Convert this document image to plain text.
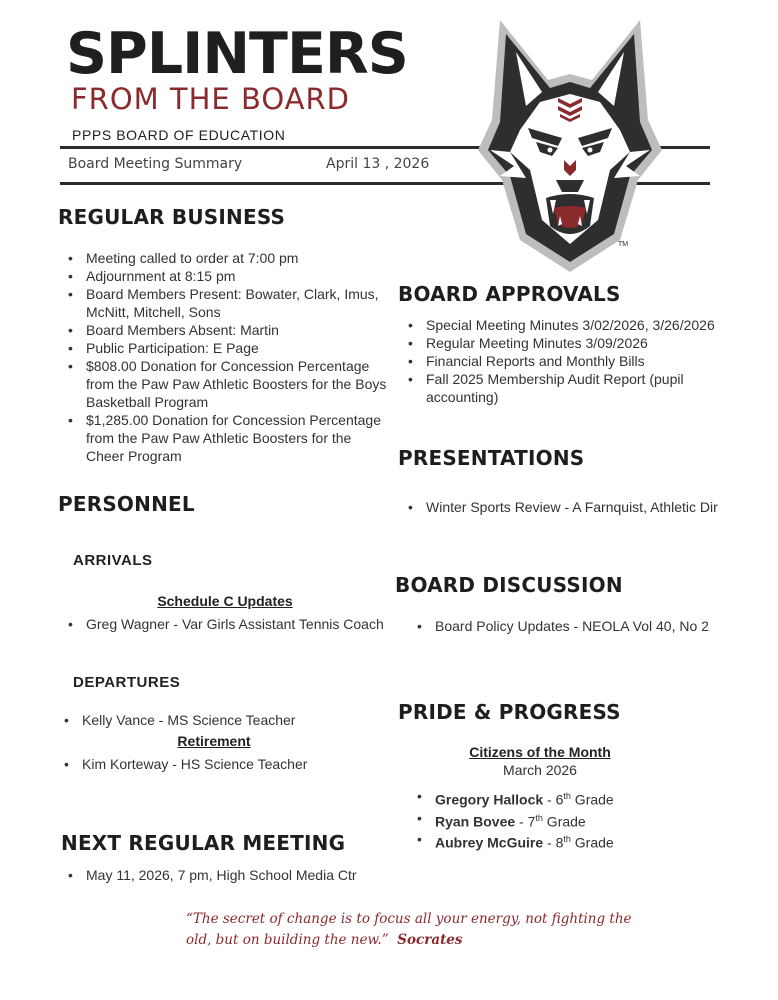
SPLINTERS
FROM THE BOARD
PPPS BOARD OF EDUCATION
Board Meeting Summary	April 13 , 2026
TM
REGULAR BUSINESS
• Meeting called to order at 7:00 pm
• Adjournment at 8:15 pm
• Board Members Present: Bowater, Clark, Imus, McNitt, Mitchell, Sons
• Board Members Absent: Martin
• Public Participation: E Page
• $808.00 Donation for Concession Percentage from the Paw Paw Athletic Boosters for the Boys Basketball Program
• $1,285.00 Donation for Concession Percentage from the Paw Paw Athletic Boosters for the Cheer Program
BOARD APPROVALS
• Special Meeting Minutes 3/02/2026, 3/26/2026
• Regular Meeting Minutes 3/09/2026
• Financial Reports and Monthly Bills
• Fall 2025 Membership Audit Report (pupil accounting)
PRESENTATIONS
• Winter Sports Review - A Farnquist, Athletic Dir
PERSONNEL
ARRIVALS
Schedule C Updates
• Greg Wagner - Var Girls Assistant Tennis Coach
DEPARTURES
• Kelly Vance - MS Science Teacher
Retirement
• Kim Korteway - HS Science Teacher
BOARD DISCUSSION
• Board Policy Updates - NEOLA Vol 40, No 2
PRIDE & PROGRESS
Citizens of the Month
March 2026
• Gregory Hallock - 6th Grade
• Ryan Bovee - 7th Grade
• Aubrey McGuire - 8th Grade
NEXT REGULAR MEETING
• May 11, 2026, 7 pm, High School Media Ctr
“The secret of change is to focus all your energy, not fighting the old, but on building the new.” Socrates
